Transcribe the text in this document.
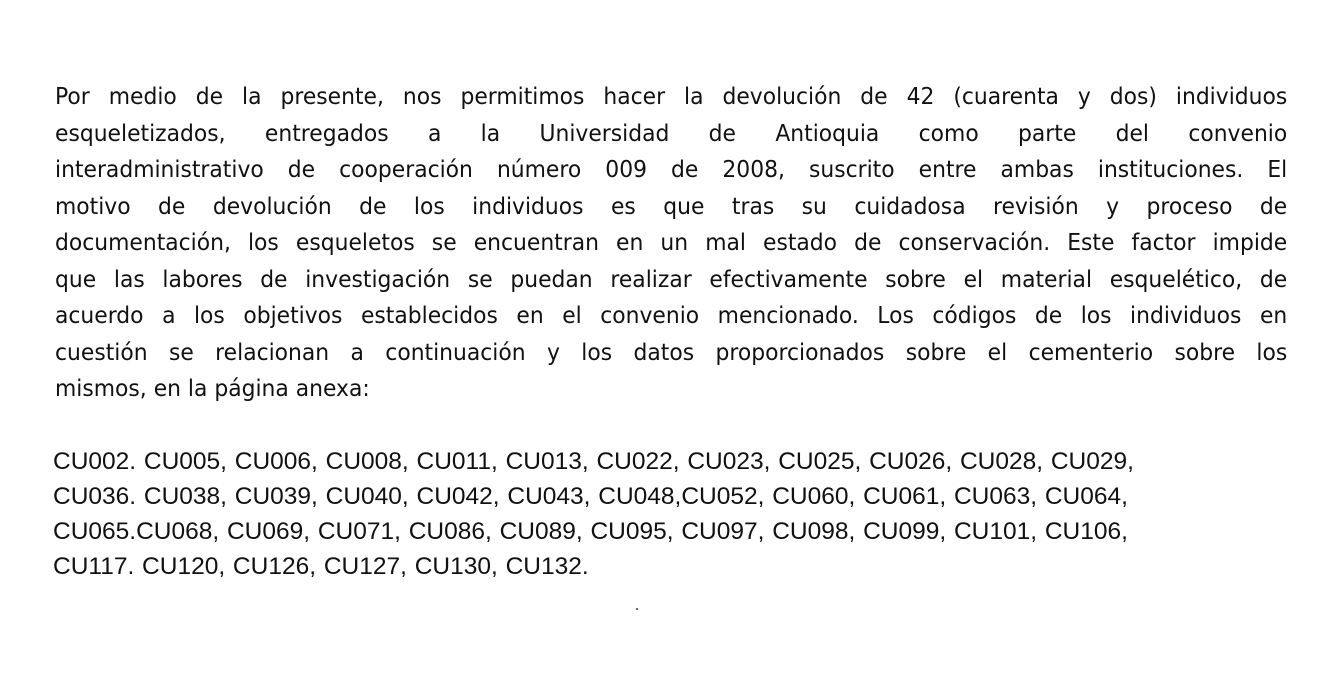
Por medio de la presente, nos permitimos hacer la devolución de 42 (cuarenta y dos) individuos
esqueletizados, entregados a la Universidad de Antioquia como parte del convenio
interadministrativo de cooperación número 009 de 2008, suscrito entre ambas instituciones. El
motivo de devolución de los individuos es que tras su cuidadosa revisión y proceso de
documentación, los esqueletos se encuentran en un mal estado de conservación. Este factor impide
que las labores de investigación se puedan realizar efectivamente sobre el material esquelético, de
acuerdo a los objetivos establecidos en el convenio mencionado. Los códigos de los individuos en
cuestión se relacionan a continuación y los datos proporcionados sobre el cementerio sobre los
mismos, en la página anexa:
CU002. CU005, CU006, CU008, CU011, CU013, CU022, CU023, CU025, CU026, CU028, CU029,
CU036. CU038, CU039, CU040, CU042, CU043, CU048,CU052, CU060, CU061, CU063, CU064,
CU065.CU068, CU069, CU071, CU086, CU089, CU095, CU097, CU098, CU099, CU101, CU106,
CU117. CU120, CU126, CU127, CU130, CU132.
